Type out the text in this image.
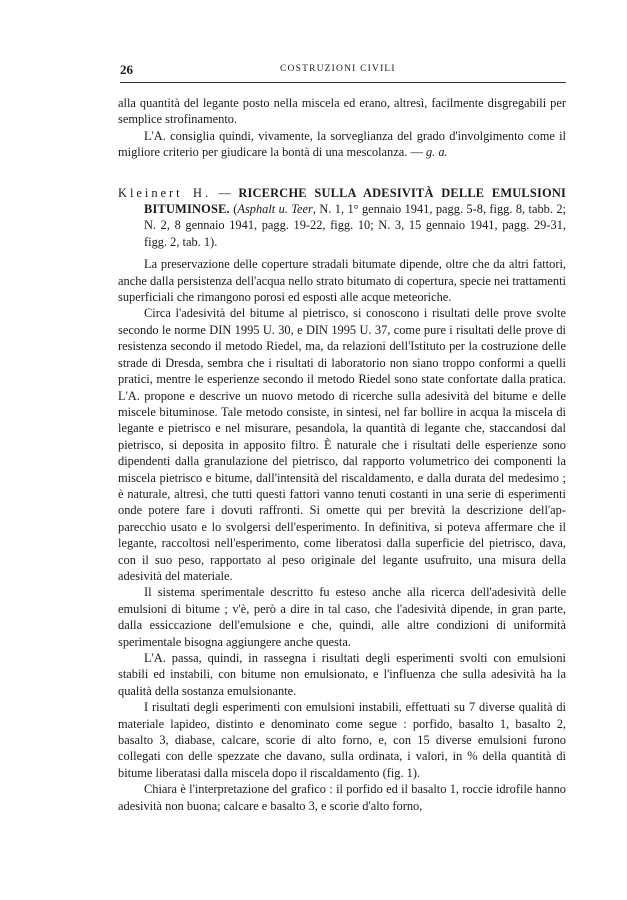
26	COSTRUZIONI CIVILI

alla quantità del legante posto nella miscela ed erano, altresì, facilmente disgregabili per semplice strofinamento.

L'A. consiglia quindi, vivamente, la sorveglianza del grado d'involgimento come il migliore criterio per giudicare la bontà di una mescolanza. — g. a.

Kleinert H. — RICERCHE SULLA ADESIVITÀ DELLE EMULSIONI BITUMINOSE. (Asphalt u. Teer, N. 1, 1° gennaio 1941, pagg. 5-8, figg. 8, tabb. 2; N. 2, 8 gennaio 1941, pagg. 19-22, figg. 10; N. 3, 15 gennaio 1941, pagg. 29-31, figg. 2, tab. 1).

La preservazione delle coperture stradali bitumate dipende, oltre che da altri fattori, anche dalla persistenza dell'acqua nello strato bitumato di copertura, specie nei trattamenti superficiali che rimangono porosi ed esposti alle acque meteoriche.

Circa l'adesività del bitume al pietrisco, si conoscono i risultati delle prove svolte secondo le norme DIN 1995 U. 30, e DIN 1995 U. 37, come pure i risultati delle prove di resistenza secondo il metodo Riedel, ma, da relazioni dell'Istituto per la costruzione delle strade di Dresda, sembra che i risultati di laboratorio non siano troppo conformi a quelli pratici, mentre le esperienze secondo il metodo Riedel sono state confortate dalla pratica. L'A. propone e descrive un nuovo metodo di ricerche sulla adesività del bitume e delle miscele bituminose. Tale metodo consiste, in sintesi, nel far bollire in acqua la miscela di legante e pietrisco e nel misurare, pesandola, la quantità di legante che, staccandosi dal pietrisco, si deposita in apposito filtro. È naturale che i risultati delle esperienze sono dipendenti dalla granulazione del pietrisco, dal rapporto volumetrico dei componenti la miscela pietrisco e bitume, dall'intensità del riscaldamento, e dalla durata del medesimo ; è naturale, altresì, che tutti questi fattori vanno tenuti costanti in una serie di esperimenti onde potere fare i dovuti raffronti. Si omette qui per brevità la descrizione dell'apparecchio usato e lo svolgersi dell'esperimento. In definitiva, si poteva affermare che il legante, raccoltosi nell'esperimento, come liberatosi dalla superficie del pietrisco, dava, con il suo peso, rapportato al peso originale del legante usufruito, una misura della adesività del materiale.

Il sistema sperimentale descritto fu esteso anche alla ricerca dell'adesività delle emulsioni di bitume ; v'è, però a dire in tal caso, che l'adesività dipende, in gran parte, dalla essiccazione dell'emulsione e che, quindi, alle altre condizioni di uniformità sperimentale bisogna aggiungere anche questa.

L'A. passa, quindi, in rassegna i risultati degli esperimenti svolti con emulsioni stabili ed instabili, con bitume non emulsionato, e l'influenza che sulla adesività ha la qualità della sostanza emulsionante.

I risultati degli esperimenti con emulsioni instabili, effettuati su 7 diverse qualità di materiale lapideo, distinto e denominato come segue : porfido, basalto 1, basalto 2, basalto 3, diabase, calcare, scorie di alto forno, e, con 15 diverse emulsioni furono collegati con delle spezzate che davano, sulla ordinata, i valori, in % della quantità di bitume liberatasi dalla miscela dopo il riscaldamento (fig. 1).

Chiara è l'interpretazione del grafico : il porfido ed il basalto 1, roccie idrofile hanno adesività non buona; calcare e basalto 3, e scorie d'alto forno,
